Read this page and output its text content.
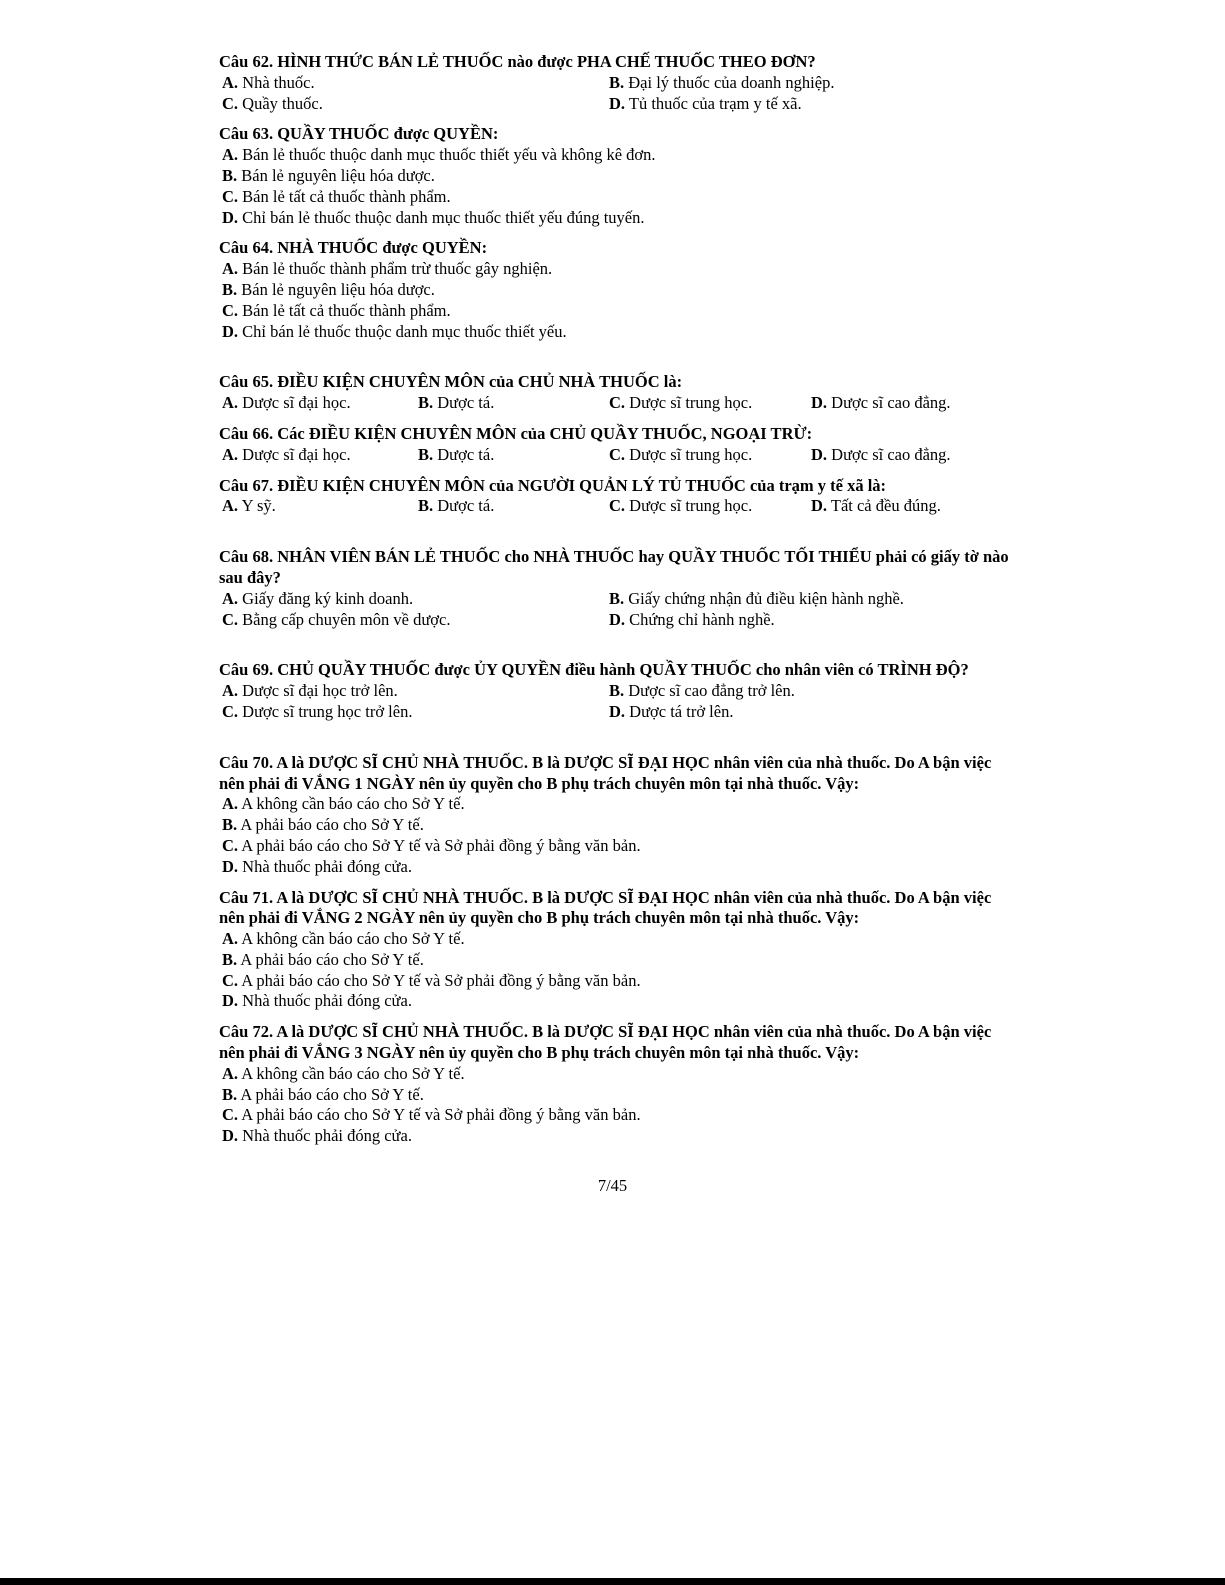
Câu 62. HÌNH THỨC BÁN LẺ THUỐC nào được PHA CHẾ THUỐC THEO ĐƠN?

A. Nhà thuốc.	B. Đại lý thuốc của doanh nghiệp.
C. Quầy thuốc.	D. Tủ thuốc của trạm y tế xã.

Câu 63. QUẦY THUỐC được QUYỀN:

A. Bán lẻ thuốc thuộc danh mục thuốc thiết yếu và không kê đơn.
B. Bán lẻ nguyên liệu hóa dược.
C. Bán lẻ tất cả thuốc thành phẩm.
D. Chỉ bán lẻ thuốc thuộc danh mục thuốc thiết yếu đúng tuyến.

Câu 64. NHÀ THUỐC được QUYỀN:

A. Bán lẻ thuốc thành phẩm trừ thuốc gây nghiện.
B. Bán lẻ nguyên liệu hóa dược.
C. Bán lẻ tất cả thuốc thành phẩm.
D. Chỉ bán lẻ thuốc thuộc danh mục thuốc thiết yếu.

Câu 65. ĐIỀU KIỆN CHUYÊN MÔN của CHỦ NHÀ THUỐC là:

A. Dược sĩ đại học.	B. Dược tá.	C. Dược sĩ trung học.	D. Dược sĩ cao đẳng.

Câu 66. Các ĐIỀU KIỆN CHUYÊN MÔN của CHỦ QUẦY THUỐC, NGOẠI TRỪ:

A. Dược sĩ đại học.	B. Dược tá.	C. Dược sĩ trung học.	D. Dược sĩ cao đẳng.

Câu 67. ĐIỀU KIỆN CHUYÊN MÔN của NGƯỜI QUẢN LÝ TỦ THUỐC của trạm y tế xã là:

A. Y sỹ.	B. Dược tá.	C. Dược sĩ trung học.	D. Tất cả đều đúng.

Câu 68. NHÂN VIÊN BÁN LẺ THUỐC cho NHÀ THUỐC hay QUẦY THUỐC TỐI THIỂU phải có giấy tờ nào sau đây?

A. Giấy đăng ký kinh doanh.	B. Giấy chứng nhận đủ điều kiện hành nghề.
C. Bằng cấp chuyên môn về dược.	D. Chứng chỉ hành nghề.

Câu 69. CHỦ QUẦY THUỐC được ỦY QUYỀN điều hành QUẦY THUỐC cho nhân viên có TRÌNH ĐỘ?

A. Dược sĩ đại học trở lên.	B. Dược sĩ cao đẳng trở lên.
C. Dược sĩ trung học trở lên.	D. Dược tá trở lên.

Câu 70. A là DƯỢC SĨ CHỦ NHÀ THUỐC. B là DƯỢC SĨ ĐẠI HỌC nhân viên của nhà thuốc. Do A bận việc nên phải đi VẮNG 1 NGÀY nên ủy quyền cho B phụ trách chuyên môn tại nhà thuốc. Vậy:

A. A không cần báo cáo cho Sở Y tế.
B. A phải báo cáo cho Sở Y tế.
C. A phải báo cáo cho Sở Y tế và Sở phải đồng ý bằng văn bản.
D. Nhà thuốc phải đóng cửa.

Câu 71. A là DƯỢC SĨ CHỦ NHÀ THUỐC. B là DƯỢC SĨ ĐẠI HỌC nhân viên của nhà thuốc. Do A bận việc nên phải đi VẮNG 2 NGÀY nên ủy quyền cho B phụ trách chuyên môn tại nhà thuốc. Vậy:

A. A không cần báo cáo cho Sở Y tế.
B. A phải báo cáo cho Sở Y tế.
C. A phải báo cáo cho Sở Y tế và Sở phải đồng ý bằng văn bản.
D. Nhà thuốc phải đóng cửa.

Câu 72. A là DƯỢC SĨ CHỦ NHÀ THUỐC. B là DƯỢC SĨ ĐẠI HỌC nhân viên của nhà thuốc. Do A bận việc nên phải đi VẮNG 3 NGÀY nên ủy quyền cho B phụ trách chuyên môn tại nhà thuốc. Vậy:

A. A không cần báo cáo cho Sở Y tế.
B. A phải báo cáo cho Sở Y tế.
C. A phải báo cáo cho Sở Y tế và Sở phải đồng ý bằng văn bản.
D. Nhà thuốc phải đóng cửa.
7/45
